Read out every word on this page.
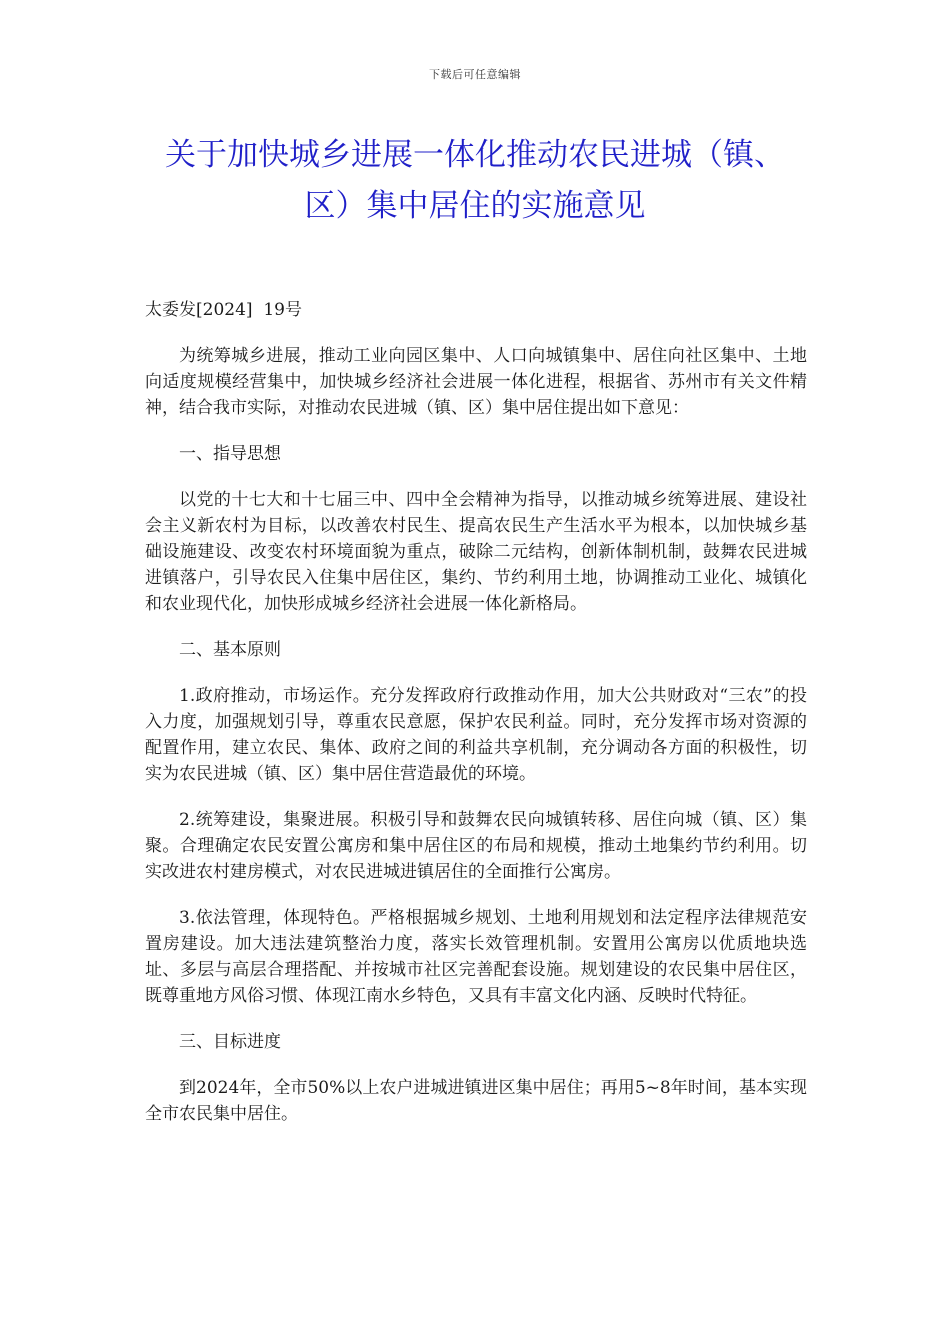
下载后可任意编辑
关于加快城乡进展一体化推动农民进城（镇、
区）集中居住的实施意见
太委发[2024]  19号

为统筹城乡进展，推动工业向园区集中、人口向城镇集中、居住向社区集中、土地向适度规模经营集中，加快城乡经济社会进展一体化进程，根据省、苏州市有关文件精神，结合我市实际，对推动农民进城（镇、区）集中居住提出如下意见：

一、指导思想

以党的十七大和十七届三中、四中全会精神为指导，以推动城乡统筹进展、建设社会主义新农村为目标，以改善农村民生、提高农民生产生活水平为根本，以加快城乡基础设施建设、改变农村环境面貌为重点，破除二元结构，创新体制机制，鼓舞农民进城进镇落户，引导农民入住集中居住区，集约、节约利用土地，协调推动工业化、城镇化和农业现代化，加快形成城乡经济社会进展一体化新格局。

二、基本原则

1.政府推动，市场运作。充分发挥政府行政推动作用，加大公共财政对“三农”的投入力度，加强规划引导，尊重农民意愿，保护农民利益。同时，充分发挥市场对资源的配置作用，建立农民、集体、政府之间的利益共享机制，充分调动各方面的积极性，切实为农民进城（镇、区）集中居住营造最优的环境。

2.统筹建设，集聚进展。积极引导和鼓舞农民向城镇转移、居住向城（镇、区）集聚。合理确定农民安置公寓房和集中居住区的布局和规模，推动土地集约节约利用。切实改进农村建房模式，对农民进城进镇居住的全面推行公寓房。

3.依法管理，体现特色。严格根据城乡规划、土地利用规划和法定程序法律规范安置房建设。加大违法建筑整治力度，落实长效管理机制。安置用公寓房以优质地块选址、多层与高层合理搭配、并按城市社区完善配套设施。规划建设的农民集中居住区，既尊重地方风俗习惯、体现江南水乡特色，又具有丰富文化内涵、反映时代特征。

三、目标进度

到2024年，全市50%以上农户进城进镇进区集中居住；再用5~8年时间，基本实现全市农民集中居住。
